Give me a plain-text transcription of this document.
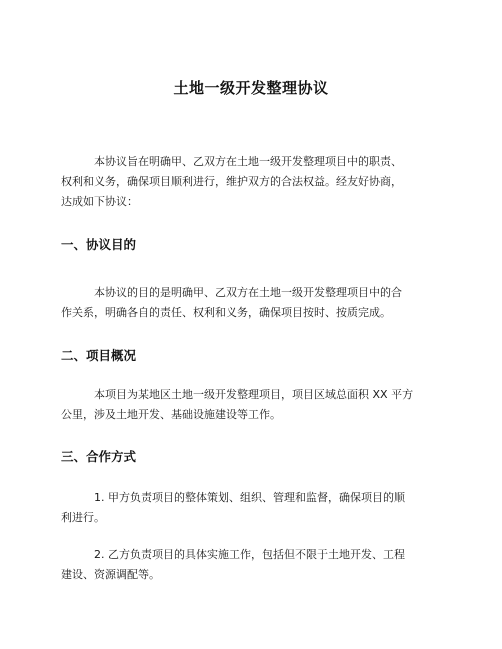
土地一级开发整理协议
本协议旨在明确甲、乙双方在土地一级开发整理项目中的职责、
权利和义务，确保项目顺利进行，维护双方的合法权益。经友好协商，
达成如下协议：
一、协议目的
本协议的目的是明确甲、乙双方在土地一级开发整理项目中的合
作关系，明确各自的责任、权利和义务，确保项目按时、按质完成。
二、项目概况
本项目为某地区土地一级开发整理项目，项目区域总面积 XX 平方
公里，涉及土地开发、基础设施建设等工作。
三、合作方式
1. 甲方负责项目的整体策划、组织、管理和监督，确保项目的顺
利进行。
2. 乙方负责项目的具体实施工作，包括但不限于土地开发、工程
建设、资源调配等。
